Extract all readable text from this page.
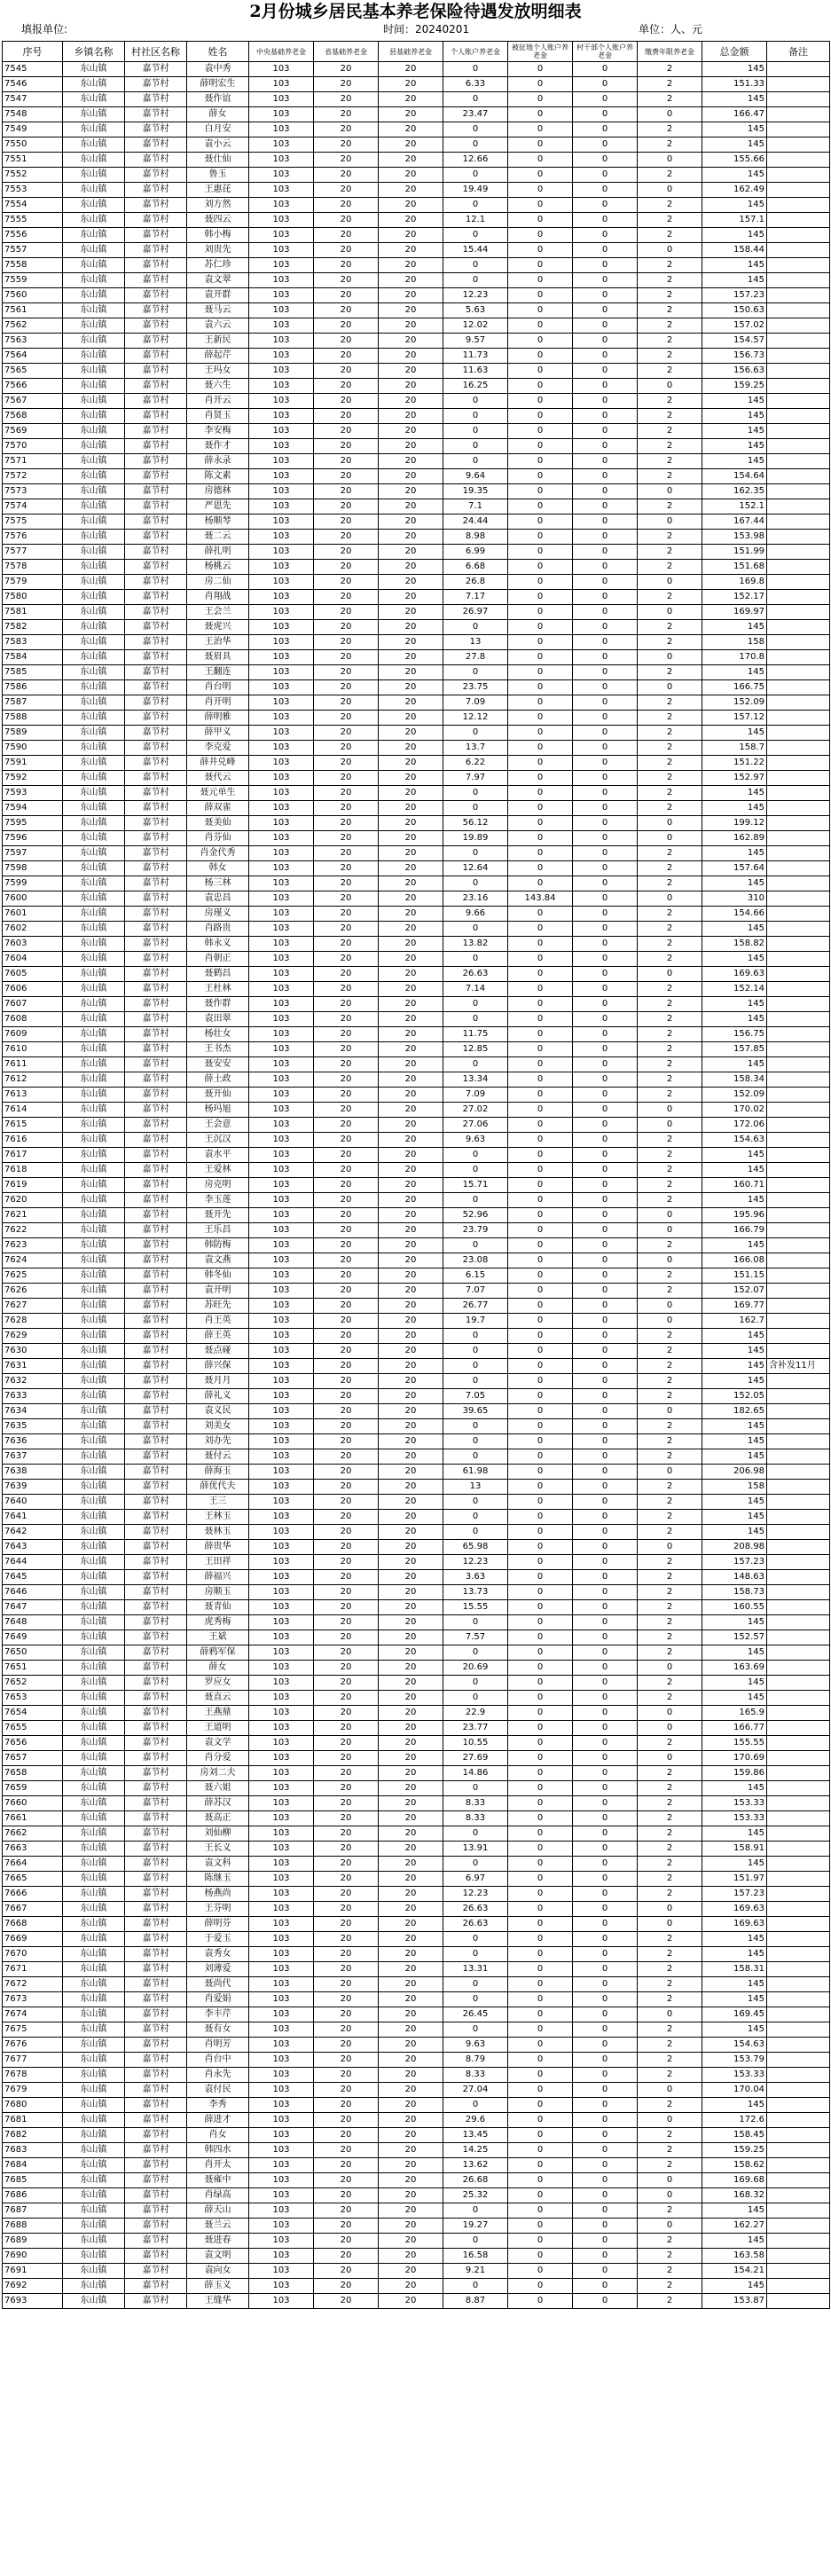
2月份城乡居民基本养老保险待遇发放明细表
填报单位:	时间：20240201	单位：人、元
序号	乡镇名称	村社区名称	姓名	中央基础养老金	省基础养老金	县基础养老金	个人账户养老金	被征地个人账户养老金	村干部个人账户养老金	缴费年限养老金	总金额	备注
7545	东山镇	嘉节村	袁中秀	103	20	20	0	0	0	2	145	
7546	东山镇	嘉节村	薛明宏生	103	20	20	6.33	0	0	2	151.33	
7547	东山镇	嘉节村	聂作谊	103	20	20	0	0	0	2	145	
7548	东山镇	嘉节村	薛女	103	20	20	23.47	0	0	0	166.47	
7549	东山镇	嘉节村	白月安	103	20	20	0	0	0	2	145	
7550	东山镇	嘉节村	袁小云	103	20	20	0	0	0	2	145	
7551	东山镇	嘉节村	聂仕仙	103	20	20	12.66	0	0	0	155.66	
7552	东山镇	嘉节村	鲁玉	103	20	20	0	0	0	2	145	
7553	东山镇	嘉节村	王惠芘	103	20	20	19.49	0	0	0	162.49	
7554	东山镇	嘉节村	刘方然	103	20	20	0	0	0	2	145	
7555	东山镇	嘉节村	聂四云	103	20	20	12.1	0	0	2	157.1	
7556	东山镇	嘉节村	韩小梅	103	20	20	0	0	0	2	145	
7557	东山镇	嘉节村	刘贵先	103	20	20	15.44	0	0	0	158.44	
7558	东山镇	嘉节村	苏仁珍	103	20	20	0	0	0	2	145	
7559	东山镇	嘉节村	袁文翠	103	20	20	0	0	0	2	145	
7560	东山镇	嘉节村	袁开群	103	20	20	12.23	0	0	2	157.23	
7561	东山镇	嘉节村	聂马云	103	20	20	5.63	0	0	2	150.63	
7562	东山镇	嘉节村	袁六云	103	20	20	12.02	0	0	2	157.02	
7563	东山镇	嘉节村	王新民	103	20	20	9.57	0	0	2	154.57	
7564	东山镇	嘉节村	薛起芹	103	20	20	11.73	0	0	2	156.73	
7565	东山镇	嘉节村	王玛女	103	20	20	11.63	0	0	2	156.63	
7566	东山镇	嘉节村	聂六生	103	20	20	16.25	0	0	0	159.25	
7567	东山镇	嘉节村	肖开云	103	20	20	0	0	0	2	145	
7568	东山镇	嘉节村	肖贤玉	103	20	20	0	0	0	2	145	
7569	东山镇	嘉节村	李安梅	103	20	20	0	0	0	2	145	
7570	东山镇	嘉节村	聂作才	103	20	20	0	0	0	2	145	
7571	东山镇	嘉节村	薛永录	103	20	20	0	0	0	2	145	
7572	东山镇	嘉节村	陈文素	103	20	20	9.64	0	0	2	154.64	
7573	东山镇	嘉节村	房德林	103	20	20	19.35	0	0	0	162.35	
7574	东山镇	嘉节村	严恩先	103	20	20	7.1	0	0	2	152.1	
7575	东山镇	嘉节村	杨顺琴	103	20	20	24.44	0	0	0	167.44	
7576	东山镇	嘉节村	聂二云	103	20	20	8.98	0	0	2	153.98	
7577	东山镇	嘉节村	薛扎明	103	20	20	6.99	0	0	2	151.99	
7578	东山镇	嘉节村	杨桃云	103	20	20	6.68	0	0	2	151.68	
7579	东山镇	嘉节村	房二仙	103	20	20	26.8	0	0	0	169.8	
7580	东山镇	嘉节村	肖翔战	103	20	20	7.17	0	0	2	152.17	
7581	东山镇	嘉节村	王会兰	103	20	20	26.97	0	0	0	169.97	
7582	东山镇	嘉节村	聂虎兴	103	20	20	0	0	0	2	145	
7583	东山镇	嘉节村	王治华	103	20	20	13	0	0	2	158	
7584	东山镇	嘉节村	聂眉具	103	20	20	27.8	0	0	0	170.8	
7585	东山镇	嘉节村	王翻连	103	20	20	0	0	0	2	145	
7586	东山镇	嘉节村	肖台明	103	20	20	23.75	0	0	0	166.75	
7587	东山镇	嘉节村	肖开明	103	20	20	7.09	0	0	2	152.09	
7588	东山镇	嘉节村	薛明雅	103	20	20	12.12	0	0	2	157.12	
7589	东山镇	嘉节村	薛甲义	103	20	20	0	0	0	2	145	
7590	东山镇	嘉节村	李克爱	103	20	20	13.7	0	0	2	158.7	
7591	东山镇	嘉节村	薛井兑峰	103	20	20	6.22	0	0	2	151.22	
7592	东山镇	嘉节村	聂代云	103	20	20	7.97	0	0	2	152.97	
7593	东山镇	嘉节村	聂元单生	103	20	20	0	0	0	2	145	
7594	东山镇	嘉节村	薛双雀	103	20	20	0	0	0	2	145	
7595	东山镇	嘉节村	聂美仙	103	20	20	56.12	0	0	0	199.12	
7596	东山镇	嘉节村	肖芬仙	103	20	20	19.89	0	0	0	162.89	
7597	东山镇	嘉节村	肖金代秀	103	20	20	0	0	0	2	145	
7598	东山镇	嘉节村	韩女	103	20	20	12.64	0	0	2	157.64	
7599	东山镇	嘉节村	杨三林	103	20	20	0	0	0	2	145	
7600	东山镇	嘉节村	袁忠昌	103	20	20	23.16	143.84	0	0	310	
7601	东山镇	嘉节村	房瑾义	103	20	20	9.66	0	0	2	154.66	
7602	东山镇	嘉节村	肖路贵	103	20	20	0	0	0	2	145	
7603	东山镇	嘉节村	韩永义	103	20	20	13.82	0	0	2	158.82	
7604	东山镇	嘉节村	肖朝正	103	20	20	0	0	0	2	145	
7605	东山镇	嘉节村	聂鹤昌	103	20	20	26.63	0	0	0	169.63	
7606	东山镇	嘉节村	王杜林	103	20	20	7.14	0	0	2	152.14	
7607	东山镇	嘉节村	聂作群	103	20	20	0	0	0	2	145	
7608	东山镇	嘉节村	袁田翠	103	20	20	0	0	0	2	145	
7609	东山镇	嘉节村	杨壮女	103	20	20	11.75	0	0	2	156.75	
7610	东山镇	嘉节村	王书杰	103	20	20	12.85	0	0	2	157.85	
7611	东山镇	嘉节村	聂安安	103	20	20	0	0	0	2	145	
7612	东山镇	嘉节村	薛土政	103	20	20	13.34	0	0	2	158.34	
7613	东山镇	嘉节村	聂开仙	103	20	20	7.09	0	0	2	152.09	
7614	东山镇	嘉节村	杨玛旭	103	20	20	27.02	0	0	0	170.02	
7615	东山镇	嘉节村	王会意	103	20	20	27.06	0	0	0	172.06	
7616	东山镇	嘉节村	王沉汉	103	20	20	9.63	0	0	2	154.63	
7617	东山镇	嘉节村	袁水平	103	20	20	0	0	0	2	145	
7618	东山镇	嘉节村	王爱林	103	20	20	0	0	0	2	145	
7619	东山镇	嘉节村	房克明	103	20	20	15.71	0	0	2	160.71	
7620	东山镇	嘉节村	李玉莲	103	20	20	0	0	0	2	145	
7621	东山镇	嘉节村	聂开先	103	20	20	52.96	0	0	0	195.96	
7622	东山镇	嘉节村	王乐昌	103	20	20	23.79	0	0	0	166.79	
7623	东山镇	嘉节村	韩防梅	103	20	20	0	0	0	2	145	
7624	东山镇	嘉节村	袁文燕	103	20	20	23.08	0	0	0	166.08	
7625	东山镇	嘉节村	韩冬仙	103	20	20	6.15	0	0	2	151.15	
7626	东山镇	嘉节村	袁开明	103	20	20	7.07	0	0	2	152.07	
7627	东山镇	嘉节村	苏旺先	103	20	20	26.77	0	0	0	169.77	
7628	东山镇	嘉节村	肖王英	103	20	20	19.7	0	0	0	162.7	
7629	东山镇	嘉节村	薛王英	103	20	20	0	0	0	2	145	
7630	东山镇	嘉节村	聂点碰	103	20	20	0	0	0	2	145	
7631	东山镇	嘉节村	薛兴保	103	20	20	0	0	0	2	145	含补发11月
7632	东山镇	嘉节村	聂月月	103	20	20	0	0	0	2	145	
7633	东山镇	嘉节村	薛礼义	103	20	20	7.05	0	0	2	152.05	
7634	东山镇	嘉节村	袁义民	103	20	20	39.65	0	0	0	182.65	
7635	东山镇	嘉节村	刘美女	103	20	20	0	0	0	2	145	
7636	东山镇	嘉节村	刘办先	103	20	20	0	0	0	2	145	
7637	东山镇	嘉节村	聂付云	103	20	20	0	0	0	2	145	
7638	东山镇	嘉节村	薛海玉	103	20	20	61.98	0	0	0	206.98	
7639	东山镇	嘉节村	薛优代夫	103	20	20	13	0	0	2	158	
7640	东山镇	嘉节村	王三	103	20	20	0	0	0	2	145	
7641	东山镇	嘉节村	王林玉	103	20	20	0	0	0	2	145	
7642	东山镇	嘉节村	聂林玉	103	20	20	0	0	0	2	145	
7643	东山镇	嘉节村	薛贵华	103	20	20	65.98	0	0	0	208.98	
7644	东山镇	嘉节村	王田祥	103	20	20	12.23	0	0	2	157.23	
7645	东山镇	嘉节村	薛福兴	103	20	20	3.63	0	0	2	148.63	
7646	东山镇	嘉节村	房顺玉	103	20	20	13.73	0	0	2	158.73	
7647	东山镇	嘉节村	聂青仙	103	20	20	15.55	0	0	2	160.55	
7648	东山镇	嘉节村	虎秀梅	103	20	20	0	0	0	2	145	
7649	东山镇	嘉节村	王斌	103	20	20	7.57	0	0	2	152.57	
7650	东山镇	嘉节村	薛鸦军保	103	20	20	0	0	0	2	145	
7651	东山镇	嘉节村	薛女	103	20	20	20.69	0	0	0	163.69	
7652	东山镇	嘉节村	罗应女	103	20	20	0	0	0	2	145	
7653	东山镇	嘉节村	聂直云	103	20	20	0	0	0	2	145	
7654	东山镇	嘉节村	王燕鼎	103	20	20	22.9	0	0	0	165.9	
7655	东山镇	嘉节村	王道明	103	20	20	23.77	0	0	0	166.77	
7656	东山镇	嘉节村	袁文学	103	20	20	10.55	0	0	2	155.55	
7657	东山镇	嘉节村	肖分爱	103	20	20	27.69	0	0	0	170.69	
7658	东山镇	嘉节村	房刘二夫	103	20	20	14.86	0	0	2	159.86	
7659	东山镇	嘉节村	聂六姐	103	20	20	0	0	0	2	145	
7660	东山镇	嘉节村	薛苏汉	103	20	20	8.33	0	0	2	153.33	
7661	东山镇	嘉节村	聂高正	103	20	20	8.33	0	0	2	153.33	
7662	东山镇	嘉节村	刘仙柳	103	20	20	0	0	0	2	145	
7663	东山镇	嘉节村	王长义	103	20	20	13.91	0	0	2	158.91	
7664	东山镇	嘉节村	袁文科	103	20	20	0	0	0	2	145	
7665	东山镇	嘉节村	陈继玉	103	20	20	6.97	0	0	2	151.97	
7666	东山镇	嘉节村	杨燕尚	103	20	20	12.23	0	0	2	157.23	
7667	东山镇	嘉节村	王芬明	103	20	20	26.63	0	0	0	169.63	
7668	东山镇	嘉节村	薛明芬	103	20	20	26.63	0	0	0	169.63	
7669	东山镇	嘉节村	于爱玉	103	20	20	0	0	0	2	145	
7670	东山镇	嘉节村	袁秀女	103	20	20	0	0	0	2	145	
7671	东山镇	嘉节村	刘薄爱	103	20	20	13.31	0	0	2	158.31	
7672	东山镇	嘉节村	聂尚代	103	20	20	0	0	0	2	145	
7673	东山镇	嘉节村	肖爱娟	103	20	20	0	0	0	2	145	
7674	东山镇	嘉节村	李丰芹	103	20	20	26.45	0	0	0	169.45	
7675	东山镇	嘉节村	聂有女	103	20	20	0	0	0	2	145	
7676	东山镇	嘉节村	肖明芳	103	20	20	9.63	0	0	2	154.63	
7677	东山镇	嘉节村	肖台中	103	20	20	8.79	0	0	2	153.79	
7678	东山镇	嘉节村	肖永先	103	20	20	8.33	0	0	2	153.33	
7679	东山镇	嘉节村	袁付民	103	20	20	27.04	0	0	0	170.04	
7680	东山镇	嘉节村	李秀	103	20	20	0	0	0	2	145	
7681	东山镇	嘉节村	薛进才	103	20	20	29.6	0	0	0	172.6	
7682	东山镇	嘉节村	肖女	103	20	20	13.45	0	0	2	158.45	
7683	东山镇	嘉节村	韩四水	103	20	20	14.25	0	0	2	159.25	
7684	东山镇	嘉节村	肖开太	103	20	20	13.62	0	0	2	158.62	
7685	东山镇	嘉节村	聂雍中	103	20	20	26.68	0	0	0	169.68	
7686	东山镇	嘉节村	肖绿高	103	20	20	25.32	0	0	0	168.32	
7687	东山镇	嘉节村	薛天山	103	20	20	0	0	0	2	145	
7688	东山镇	嘉节村	聂兰云	103	20	20	19.27	0	0	0	162.27	
7689	东山镇	嘉节村	聂进春	103	20	20	0	0	0	2	145	
7690	东山镇	嘉节村	袁文明	103	20	20	16.58	0	0	2	163.58	
7691	东山镇	嘉节村	袁向女	103	20	20	9.21	0	0	2	154.21	
7692	东山镇	嘉节村	薛玉义	103	20	20	0	0	0	2	145	
7693	东山镇	嘉节村	王缝华	103	20	20	8.87	0	0	2	153.87	
